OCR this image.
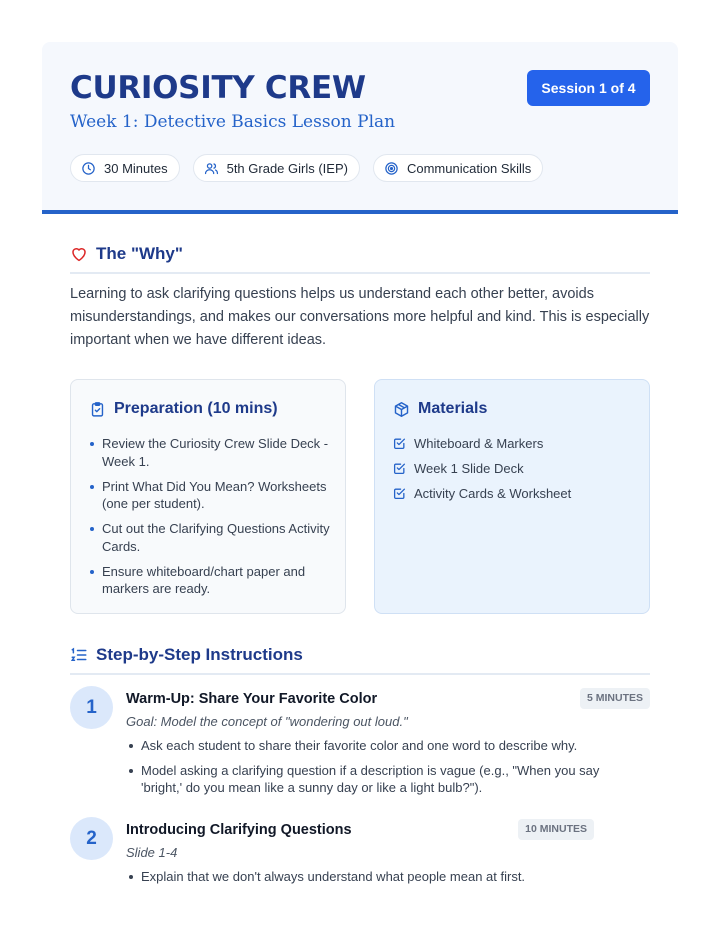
CURIOSITY CREW
Week 1: Detective Basics Lesson Plan
Session 1 of 4
30 Minutes	5th Grade Girls (IEP)	Communication Skills
The "Why"

Learning to ask clarifying questions helps us understand each other better, avoids misunderstandings, and makes our conversations more helpful and kind. This is especially important when we have different ideas.

Preparation (10 mins)
Review the Curiosity Crew Slide Deck - Week 1.
Print What Did You Mean? Worksheets (one per student).
Cut out the Clarifying Questions Activity Cards.
Ensure whiteboard/chart paper and markers are ready.
Materials
Whiteboard & Markers
Week 1 Slide Deck
Activity Cards & Worksheet
Step-by-Step Instructions
1	Warm-Up: Share Your Favorite Color	5 MINUTES
Goal: Model the concept of "wondering out loud."
Ask each student to share their favorite color and one word to describe why.
Model asking a clarifying question if a description is vague (e.g., "When you say 'bright,' do you mean like a sunny day or like a light bulb?").
2	Introducing Clarifying Questions	10 MINUTES
Slide 1-4
Explain that we don't always understand what people mean at first.
